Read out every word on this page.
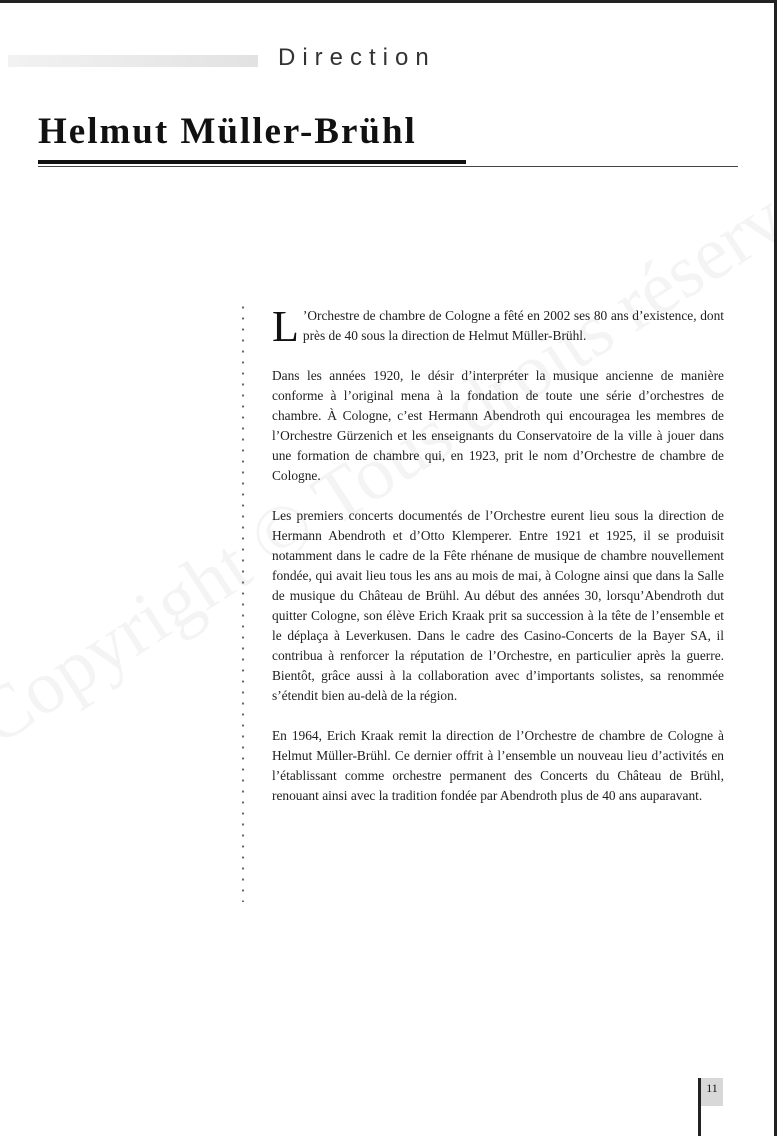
Direction
Helmut Müller-Brühl

L ’Orchestre de chambre de Cologne a fêté en 2002 ses 80 ans d’existence, dont près de 40 sous la direction de Helmut Müller-Brühl.

Dans les années 1920, le désir d’interpréter la musique ancienne de manière conforme à l’original mena à la fondation de toute une série d’orchestres de chambre. À Cologne, c’est Hermann Abendroth qui encouragea les membres de l’Orchestre Gürzenich et les enseignants du Conservatoire de la ville à jouer dans une formation de chambre qui, en 1923, prit le nom d’Orchestre de chambre de Cologne.

Les premiers concerts documentés de l’Orchestre eurent lieu sous la direction de Hermann Abendroth et d’Otto Klemperer. Entre 1921 et 1925, il se produisit notamment dans le cadre de la Fête rhénane de musique de chambre nouvellement fondée, qui avait lieu tous les ans au mois de mai, à Cologne ainsi que dans la Salle de musique du Château de Brühl. Au début des années 30, lorsqu’Abendroth dut quitter Cologne, son élève Erich Kraak prit sa succession à la tête de l’ensemble et le déplaça à Leverkusen. Dans le cadre des Casino-Concerts de la Bayer SA, il contribua à renforcer la réputation de l’Orchestre, en particulier après la guerre. Bientôt, grâce aussi à la collaboration avec d’importants solistes, sa renommée s’étendit bien au-delà de la région.

En 1964, Erich Kraak remit la direction de l’Orchestre de chambre de Cologne à Helmut Müller-Brühl. Ce dernier offrit à l’ensemble un nouveau lieu d’activités en l’établissant comme orchestre permanent des Concerts du Château de Brühl, renouant ainsi avec la tradition fondée par Abendroth plus de 40 ans auparavant.

11
